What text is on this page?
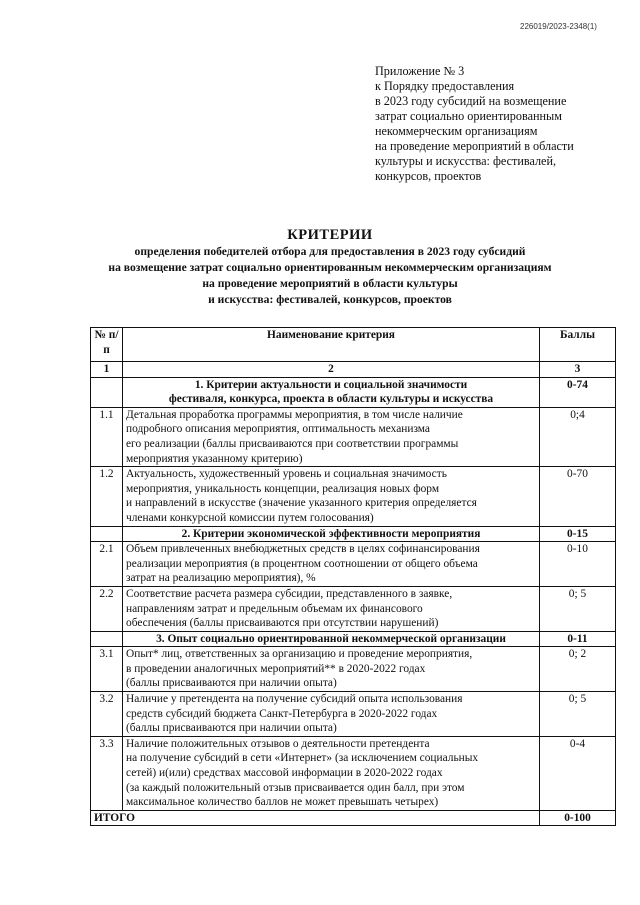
226019/2023-2348(1)
Приложение № 3
к Порядку предоставления
в 2023 году субсидий на возмещение
затрат социально ориентированным
некоммерческим организациям
на проведение мероприятий в области
культуры и искусства: фестивалей,
конкурсов, проектов
КРИТЕРИИ
определения победителей отбора для предоставления в 2023 году субсидий
на возмещение затрат социально ориентированным некоммерческим организациям
на проведение мероприятий в области культуры
и искусства: фестивалей, конкурсов, проектов
№ п/п	Наименование критерия	Баллы
1	2	3

	1. Критерии актуальности и социальной значимости
фестиваля, конкурса, проекта в области культуры и искусства	0-74
1.1	Детальная проработка программы мероприятия, в том числе наличие
подробного описания мероприятия, оптимальность механизма
его реализации (баллы присваиваются при соответствии программы
мероприятия указанному критерию)	0;4
1.2	Актуальность, художественный уровень и социальная значимость
мероприятия, уникальность концепции, реализация новых форм
и направлений в искусстве (значение указанного критерия определяется
членами конкурсной комиссии путем голосования)	0-70

	2. Критерии экономической эффективности мероприятия	0-15
2.1	Объем привлеченных внебюджетных средств в целях софинансирования
реализации мероприятия (в процентном соотношении от общего объема
затрат на реализацию мероприятия), %	0-10
2.2	Соответствие расчета размера субсидии, представленного в заявке,
направлениям затрат и предельным объемам их финансового
обеспечения (баллы присваиваются при отсутствии нарушений)	0; 5

	3. Опыт социально ориентированной некоммерческой организации	0-11
3.1	Опыт* лиц, ответственных за организацию и проведение мероприятия,
в проведении аналогичных мероприятий** в 2020-2022 годах
(баллы присваиваются при наличии опыта)	0; 2
3.2	Наличие у претендента на получение субсидий опыта использования
средств субсидий бюджета Санкт-Петербурга в 2020-2022 годах
(баллы присваиваются при наличии опыта)	0; 5
3.3	Наличие положительных отзывов о деятельности претендента
на получение субсидий в сети «Интернет» (за исключением социальных
сетей) и(или) средствах массовой информации в 2020-2022 годах
(за каждый положительный отзыв присваивается один балл, при этом
максимальное количество баллов не может превышать четырех)	0-4
ИТОГО		0-100
